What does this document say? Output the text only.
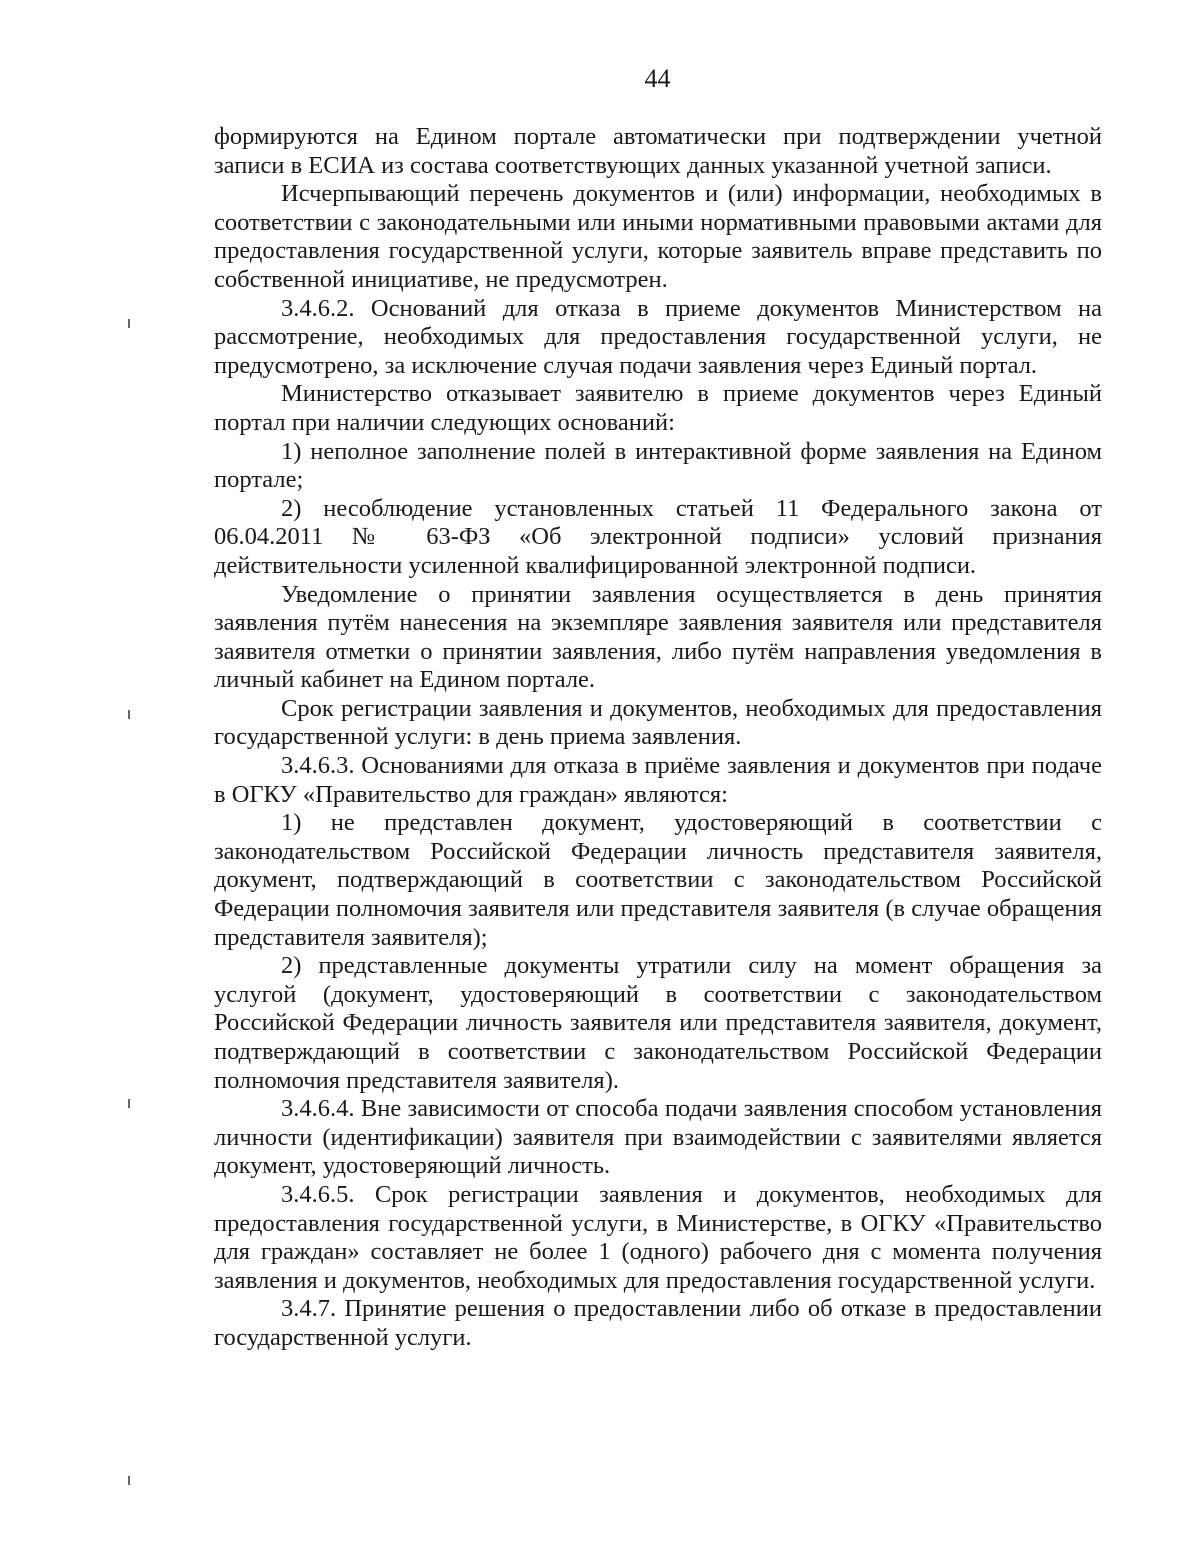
44

формируются на Едином портале автоматически при подтверждении учетной записи в ЕСИА из состава соответствующих данных указанной учетной записи.

Исчерпывающий перечень документов и (или) информации, необходимых в соответствии с законодательными или иными нормативными правовыми актами для предоставления государственной услуги, которые заявитель вправе представить по собственной инициативе, не предусмотрен.

3.4.6.2. Оснований для отказа в приеме документов Министерством на рассмотрение, необходимых для предоставления государственной услуги, не предусмотрено, за исключение случая подачи заявления через Единый портал.

Министерство отказывает заявителю в приеме документов через Единый портал при наличии следующих оснований:

1) неполное заполнение полей в интерактивной форме заявления на Едином портале;

2) несоблюдение установленных статьей 11 Федерального закона от 06.04.2011 № 63-ФЗ «Об электронной подписи» условий признания действительности усиленной квалифицированной электронной подписи.

Уведомление о принятии заявления осуществляется в день принятия заявления путём нанесения на экземпляре заявления заявителя или представителя заявителя отметки о принятии заявления, либо путём направления уведомления в личный кабинет на Едином портале.

Срок регистрации заявления и документов, необходимых для предоставления государственной услуги: в день приема заявления.

3.4.6.3. Основаниями для отказа в приёме заявления и документов при подаче в ОГКУ «Правительство для граждан» являются:

1) не представлен документ, удостоверяющий в соответствии с законодательством Российской Федерации личность представителя заявителя, документ, подтверждающий в соответствии с законодательством Российской Федерации полномочия заявителя или представителя заявителя (в случае обращения представителя заявителя);

2) представленные документы утратили силу на момент обращения за услугой (документ, удостоверяющий в соответствии с законодательством Российской Федерации личность заявителя или представителя заявителя, документ, подтверждающий в соответствии с законодательством Российской Федерации полномочия представителя заявителя).

3.4.6.4. Вне зависимости от способа подачи заявления способом установления личности (идентификации) заявителя при взаимодействии с заявителями является документ, удостоверяющий личность.

3.4.6.5. Срок регистрации заявления и документов, необходимых для предоставления государственной услуги, в Министерстве, в ОГКУ «Правительство для граждан» составляет не более 1 (одного) рабочего дня с момента получения заявления и документов, необходимых для предоставления государственной услуги.

3.4.7. Принятие решения о предоставлении либо об отказе в предоставлении государственной услуги.
